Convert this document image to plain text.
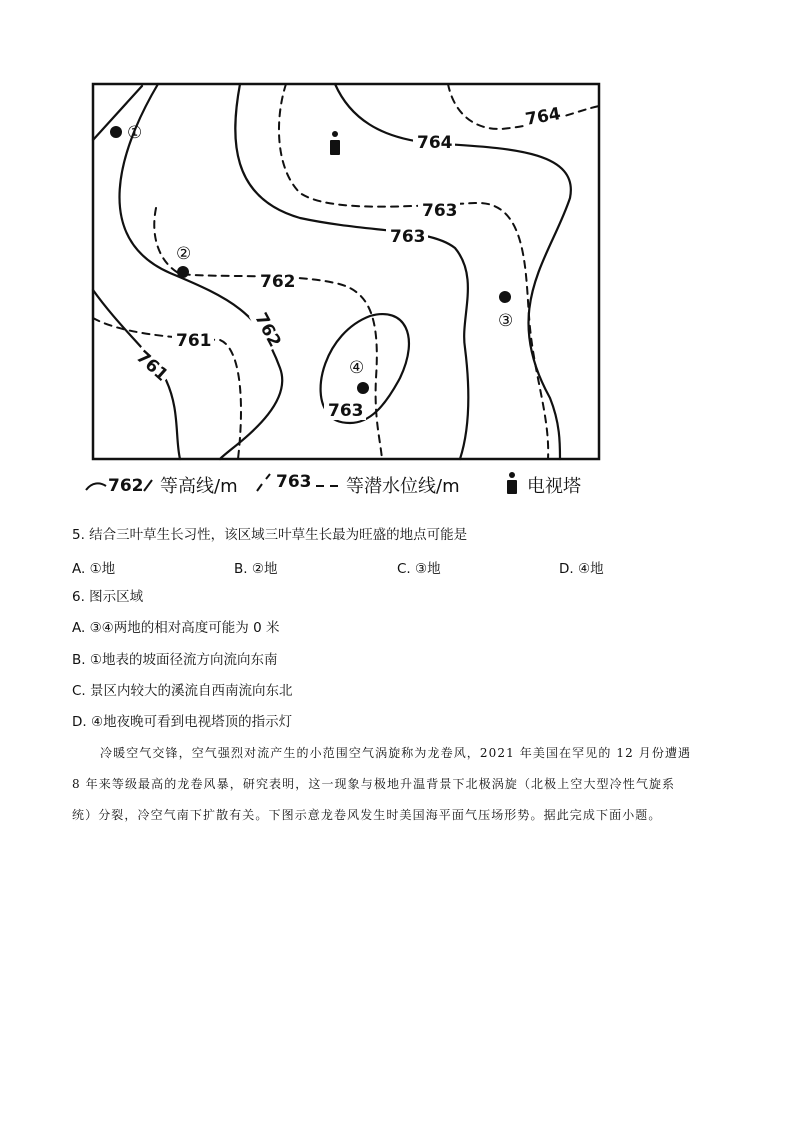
764
764
763
763
762
762
761
761
763
①
②
③
④
762 等高线/m 763 等潜水位线/m	电视塔
5. 结合三叶草生长习性，该区域三叶草生长最为旺盛的地点可能是
A. ①地	B. ②地	C. ③地	D. ④地
6. 图示区域
A. ③④两地的相对高度可能为 0 米
B. ①地表的坡面径流方向流向东南
C. 景区内较大的溪流自西南流向东北
D. ④地夜晚可看到电视塔顶的指示灯
冷暖空气交锋，空气强烈对流产生的小范围空气涡旋称为龙卷风，2021 年美国在罕见的 12 月份遭遇
8 年来等级最高的龙卷风暴，研究表明，这一现象与极地升温背景下北极涡旋（北极上空大型冷性气旋系
统）分裂，冷空气南下扩散有关。下图示意龙卷风发生时美国海平面气压场形势。据此完成下面小题。
